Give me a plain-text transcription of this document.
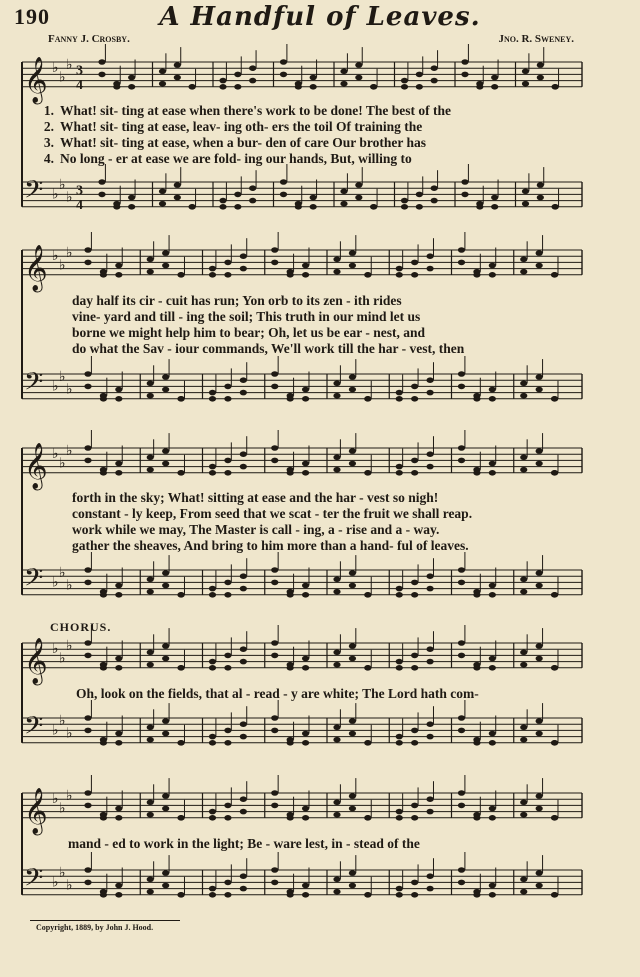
𝄞 ♭
♭
♭ 3
4
𝄢 ♭
♭
♭ 3
4
𝄞 ♭
♭
♭
𝄢 ♭
♭
♭
𝄞 ♭
♭
♭
𝄢 ♭
♭
♭
𝄞 ♭
♭
♭
𝄢 ♭
♭
♭
𝄞 ♭
♭
♭
𝄢 ♭
♭
♭
190	A Handful of Leaves.
Fanny J. Crosby.	Jno. R. Sweney.
1. What! sit- ting at ease when there's work to be done! The best of the
2. What! sit- ting at ease, leav- ing oth- ers the toil Of training the
3. What! sit- ting at ease, when a bur- den of care Our brother has
4. No long - er at ease we are fold- ing our hands, But, willing to
day half its cir - cuit has run; Yon orb to its zen - ith rides
vine- yard and till - ing the soil; This truth in our mind let us
borne we might help him to bear; Oh, let us be ear - nest, and
do what the Sav - iour commands, We'll work till the har - vest, then
forth in the sky; What! sitting at ease and the har - vest so nigh!
constant - ly keep, From seed that we scat - ter the fruit we shall reap.
work while we may, The Master is call - ing, a - rise and a - way.
gather the sheaves, And bring to him more than a hand- ful of leaves.
CHORUS.
Oh, look on the fields, that al - read - y are white; The Lord hath com-
mand - ed to work in the light; Be - ware lest, in - stead of the
Copyright, 1889, by John J. Hood.
